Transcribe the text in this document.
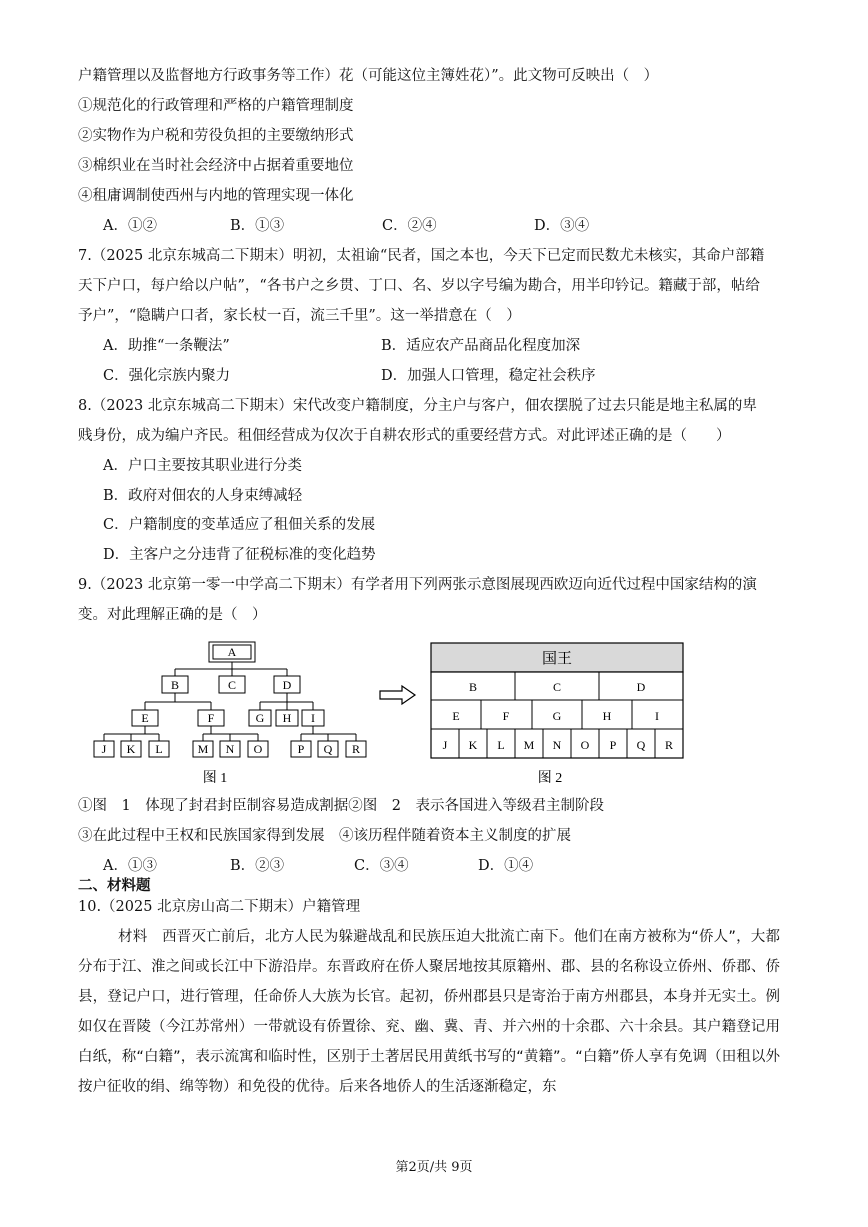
户籍管理以及监督地方行政事务等工作）花（可能这位主簿姓花）”。此文物可反映出（　）
①规范化的行政管理和严格的户籍管理制度
②实物作为户税和劳役负担的主要缴纳形式
③棉织业在当时社会经济中占据着重要地位
④租庸调制使西州与内地的管理实现一体化
A．①②	B．①③	C．②④	D．③④
7.（2025 北京东城高二下期末）明初，太祖谕“民者，国之本也，今天下已定而民数尤未核实，其命户部籍
天下户口，每户给以户帖”，“各书户之乡贯、丁口、名、岁以字号编为勘合，用半印钤记。籍藏于部，帖给
予户”，“隐瞒户口者，家长杖一百，流三千里”。这一举措意在（　）
A．助推“一条鞭法”	B．适应农产品商品化程度加深
C．强化宗族内聚力	D．加强人口管理，稳定社会秩序
8.（2023 北京东城高二下期末）宋代改变户籍制度，分主户与客户，佃农摆脱了过去只能是地主私属的卑
贱身份，成为编户齐民。租佃经营成为仅次于自耕农形式的重要经营方式。对此评述正确的是（　　）
A．户口主要按其职业进行分类
B．政府对佃农的人身束缚减轻
C．户籍制度的变革适应了租佃关系的发展
D．主客户之分违背了征税标准的变化趋势
9.（2023 北京第一零一中学高二下期末）有学者用下列两张示意图展现西欧迈向近代过程中国家结构的演
变。对此理解正确的是（　）
A
B	C	D
E	F	G H I
J K L	M N O	P Q R
图 1
国王
B	C	D
E	F	G	H	I
J K L M N O P Q R
图 2
①图　1　体现了封君封臣制容易造成割据②图　2　表示各国进入等级君主制阶段
③在此过程中王权和民族国家得到发展　④该历程伴随着资本主义制度的扩展
A．①③	B．②③	C．③④	D．①④
二、材料题
10.（2025 北京房山高二下期末）户籍管理
材料　西晋灭亡前后，北方人民为躲避战乱和民族压迫大批流亡南下。他们在南方被称为“侨人”，大都分布于江、淮之间或长江中下游沿岸。东晋政府在侨人聚居地按其原籍州、郡、县的名称设立侨州、侨郡、侨县，登记户口，进行管理，任命侨人大族为长官。起初，侨州郡县只是寄治于南方州郡县，本身并无实土。例如仅在晋陵（今江苏常州）一带就设有侨置徐、兖、幽、冀、青、并六州的十余郡、六十余县。其户籍登记用白纸，称“白籍”，表示流寓和临时性，区别于土著居民用黄纸书写的“黄籍”。“白籍”侨人享有免调（田租以外按户征收的绢、绵等物）和免役的优待。后来各地侨人的生活逐渐稳定，东
第2页/共 9页
